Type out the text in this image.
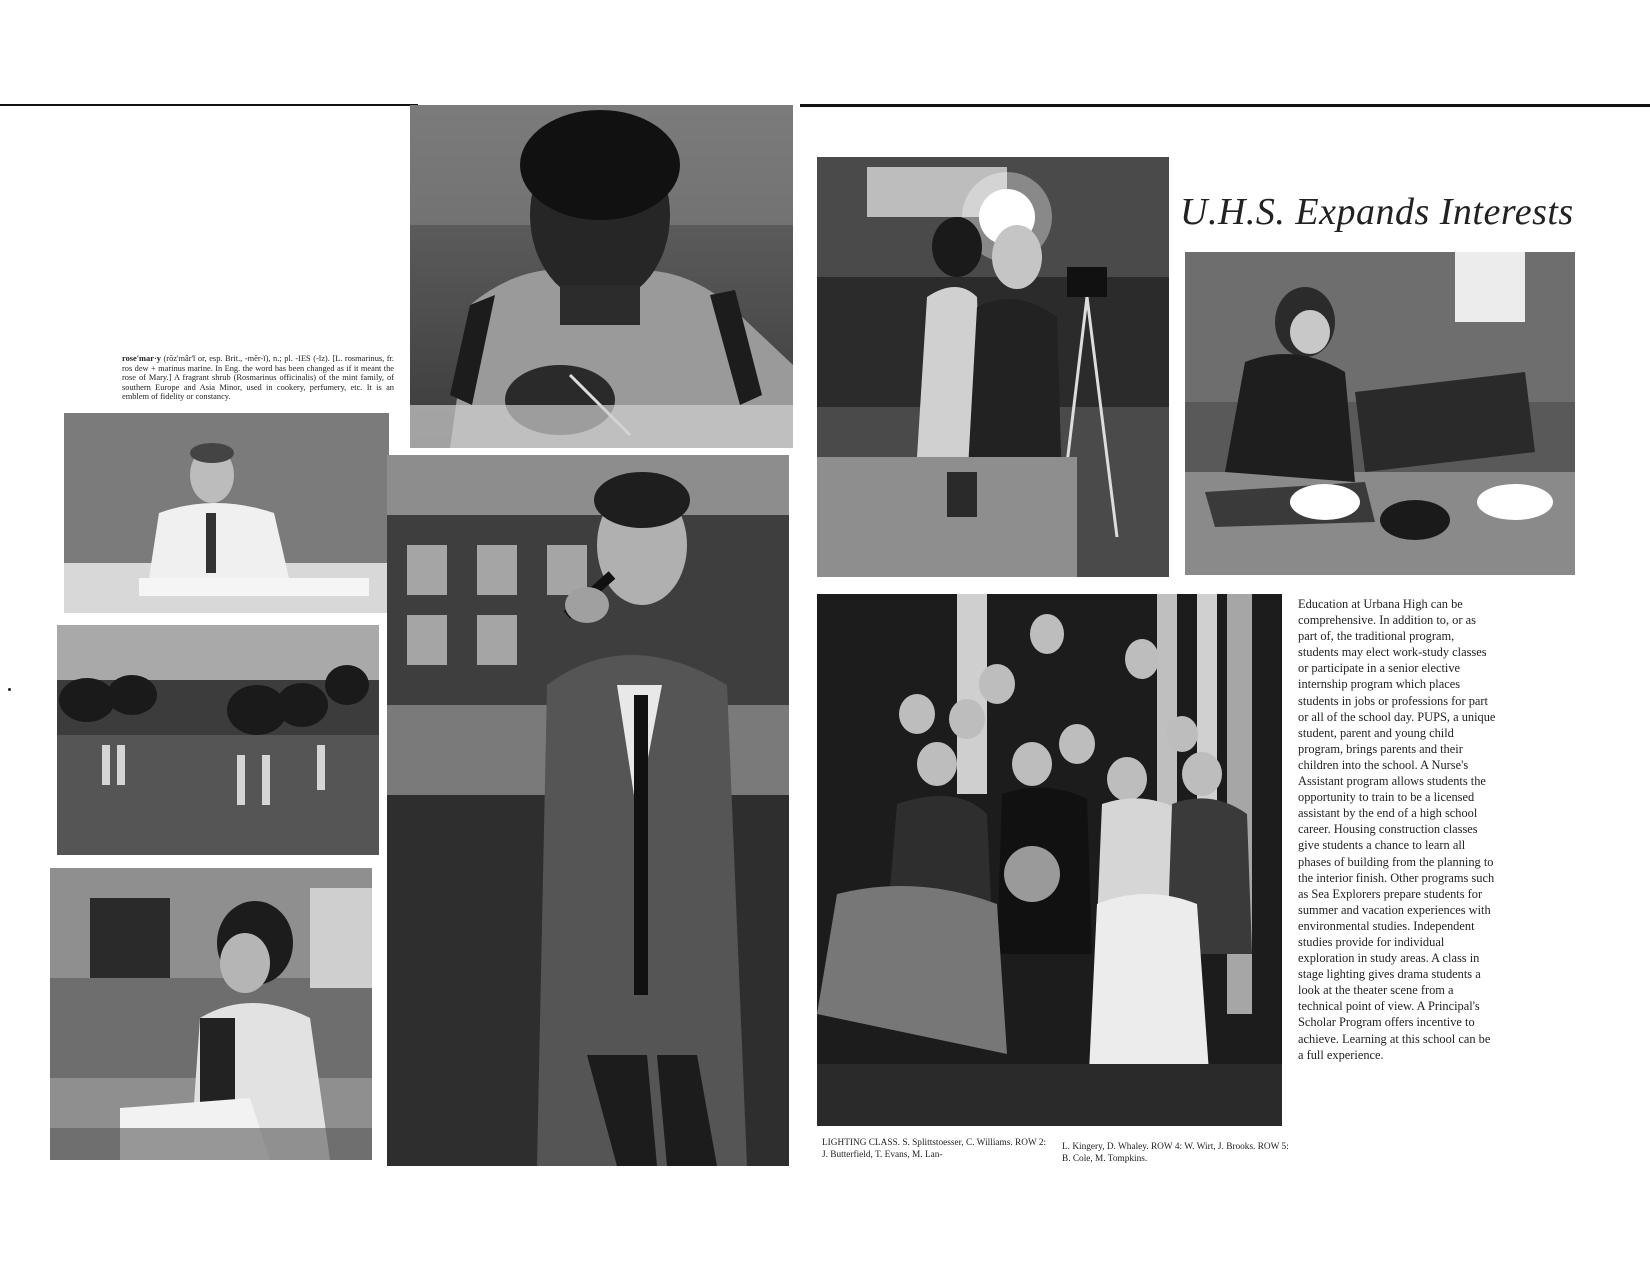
rose'mar·y (rōz'mâr'ĭ or, esp. Brit., -mĕr-ĭ), n.; pl. -IES (-ĭz). [L. rosmarinus, fr. ros dew + marinus marine. In Eng. the word has been changed as if it meant the rose of Mary.] A fragrant shrub (Rosmarinus officinalis) of the mint family, of southern Europe and Asia Minor, used in cookery, perfumery, etc. It is an emblem of fidelity or constancy.
U.H.S. Expands Interests
Education at Urbana High can be comprehensive. In addition to, or as part of, the traditional program, students may elect work-study classes or participate in a senior elective internship program which places students in jobs or professions for part or all of the school day. PUPS, a unique student, parent and young child program, brings parents and their children into the school. A Nurse's Assistant program allows students the opportunity to train to be a licensed assistant by the end of a high school career. Housing construction classes give students a chance to learn all phases of building from the planning to the interior finish. Other programs such as Sea Explorers prepare students for summer and vacation experiences with environmental studies. Independent studies provide for individual exploration in study areas. A class in stage lighting gives drama students a look at the theater scene from a technical point of view. A Principal's Scholar Program offers incentive to achieve. Learning at this school can be a full experience.
LIGHTING CLASS. S. Splittstoesser, C. Williams. ROW 2: J. Butterfield, T. Evans, M. Lan-
L. Kingery, D. Whaley. ROW 4: W. Wirt, J. Brooks. ROW 5: B. Cole, M. Tompkins.
